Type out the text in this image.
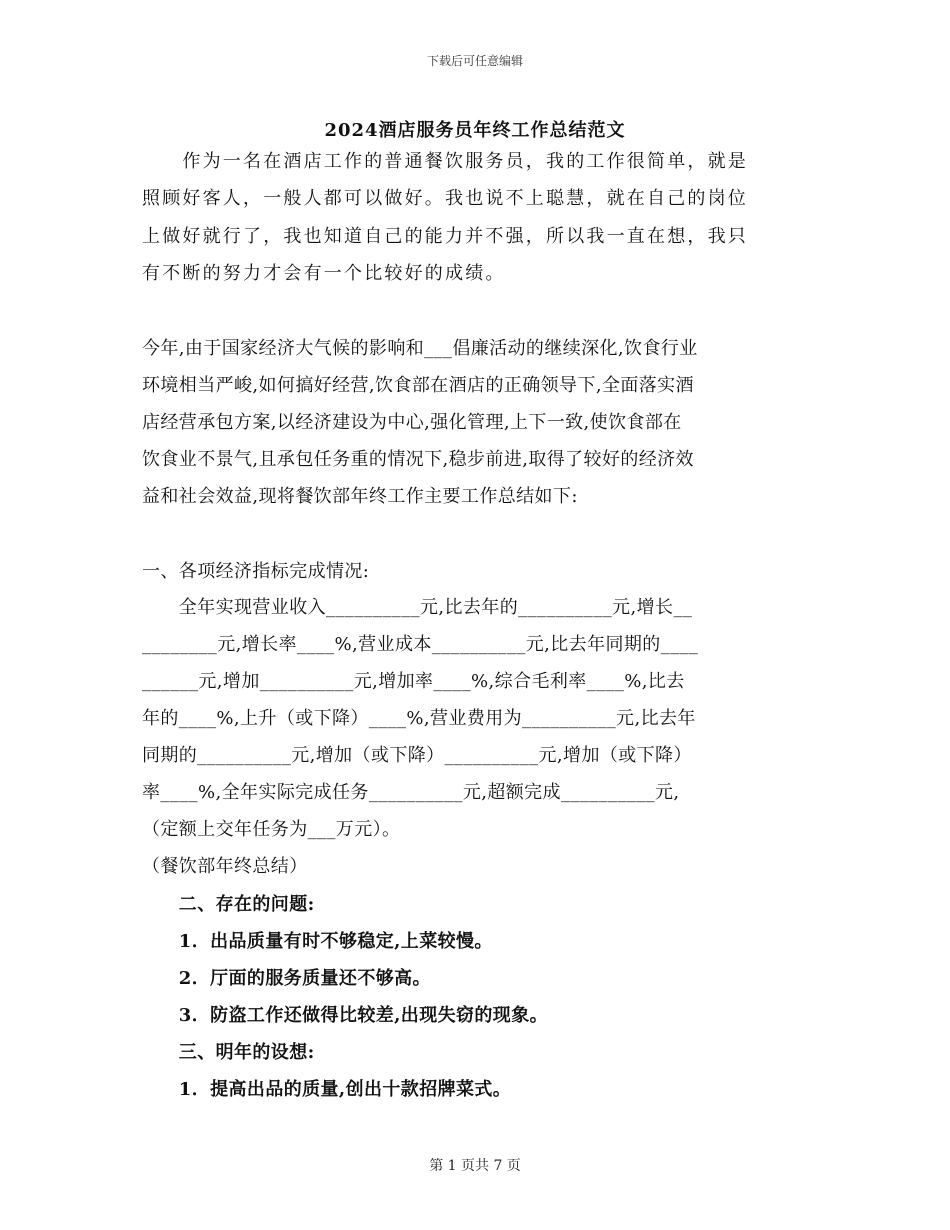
下载后可任意编辑
2024酒店服务员年终工作总结范文
　　作为一名在酒店工作的普通餐饮服务员，我的工作很简单，就是
照顾好客人，一般人都可以做好。我也说不上聪慧，就在自己的岗位
上做好就行了，我也知道自己的能力并不强，所以我一直在想，我只
有不断的努力才会有一个比较好的成绩。
今年,由于国家经济大气候的影响和___倡廉活动的继续深化,饮食行业
环境相当严峻,如何搞好经营,饮食部在酒店的正确领导下,全面落实酒
店经营承包方案,以经济建设为中心,强化管理,上下一致,使饮食部在
饮食业不景气,且承包任务重的情况下,稳步前进,取得了较好的经济效
益和社会效益,现将餐饮部年终工作主要工作总结如下:
一、各项经济指标完成情况:
　　全年实现营业收入__________元,比去年的__________元,增长__
________元,增长率____%,营业成本__________元,比去年同期的____
______元,增加__________元,增加率____%,综合毛利率____%,比去
年的____%,上升（或下降）____%,营业费用为__________元,比去年
同期的__________元,增加（或下降）__________元,增加（或下降）
率____%,全年实际完成任务__________元,超额完成__________元,
（定额上交年任务为___万元）。
（餐饮部年终总结）
　　二、存在的问题:
　　1．出品质量有时不够稳定,上菜较慢。
　　2．厅面的服务质量还不够高。
　　3．防盗工作还做得比较差,出现失窃的现象。
　　三、明年的设想:
　　1．提高出品的质量,创出十款招牌菜式。
第 1 页共 7 页
